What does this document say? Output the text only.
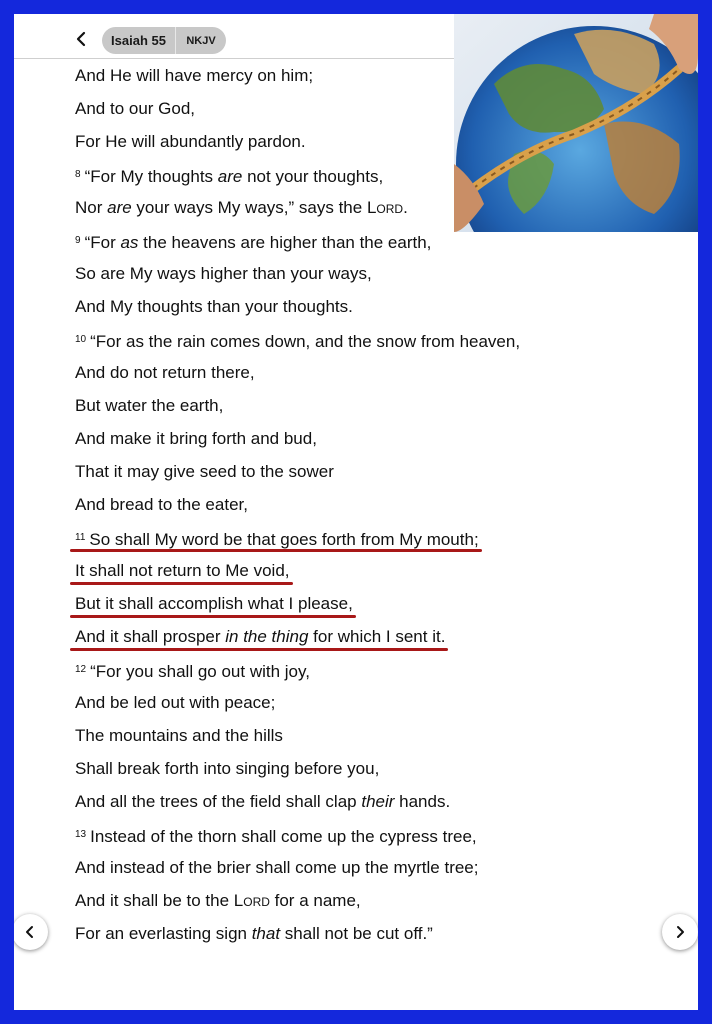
Isaiah 55	NKJV
And He will have mercy on him;
And to our God,
For He will abundantly pardon.
$^8$ “For My thoughts are not your thoughts,
Nor are your ways My ways,” says the Lord.
$^9$ “For as the heavens are higher than the earth,
So are My ways higher than your ways,
And My thoughts than your thoughts.
$^{10}$ “For as the rain comes down, and the snow from heaven,
And do not return there,
But water the earth,
And make it bring forth and bud,
That it may give seed to the sower
And bread to the eater,
$^{11}$ So shall My word be that goes forth from My mouth;
It shall not return to Me void,
But it shall accomplish what I please,
And it shall prosper in the thing for which I sent it.
$^{12}$ “For you shall go out with joy,
And be led out with peace;
The mountains and the hills
Shall break forth into singing before you,
And all the trees of the field shall clap their hands.
$^{13}$ Instead of the thorn shall come up the cypress tree,
And instead of the brier shall come up the myrtle tree;
And it shall be to the Lord for a name,
For an everlasting sign that shall not be cut off.”
